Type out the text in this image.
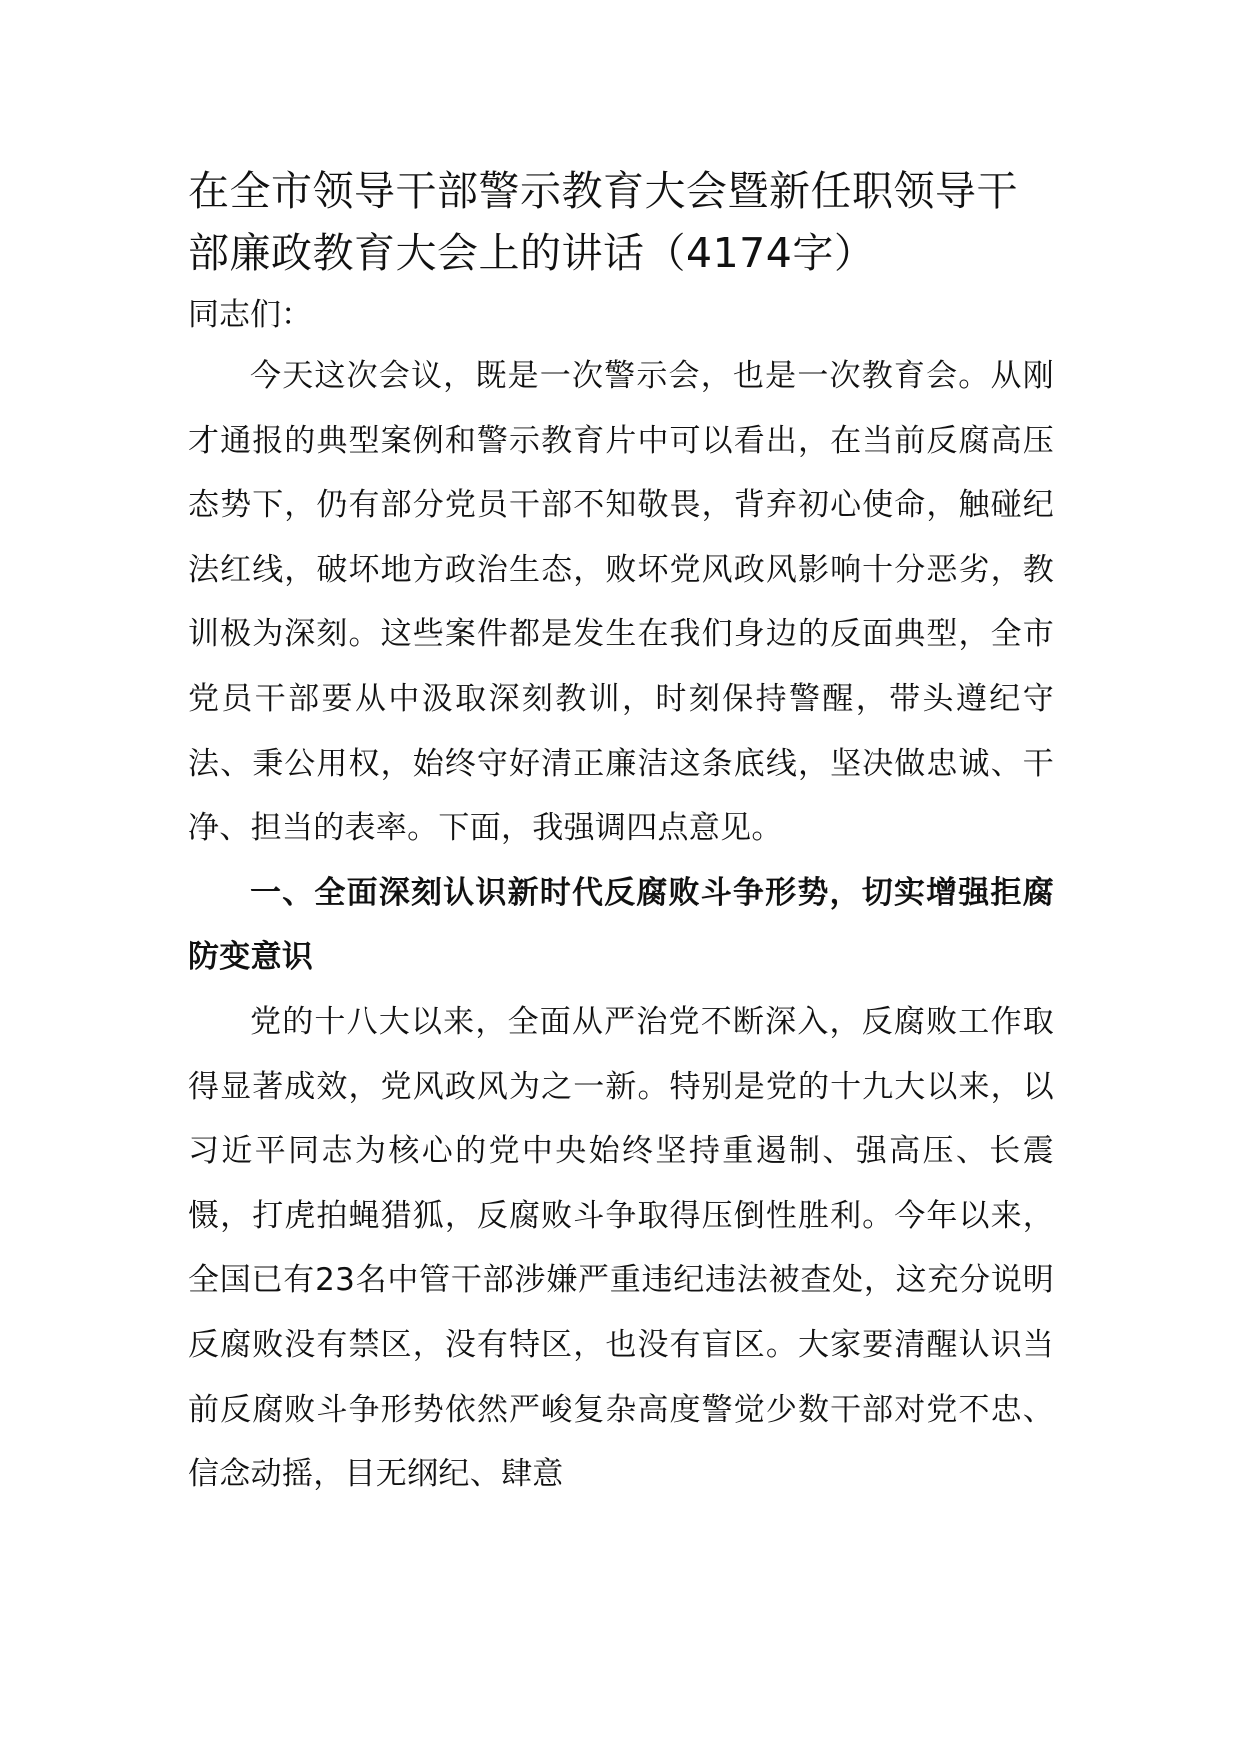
在全市领导干部警示教育大会暨新任职领导干部廉政教育大会上的讲话（4174字）

同志们：

今天这次会议，既是一次警示会，也是一次教育会。从刚才通报的典型案例和警示教育片中可以看出，在当前反腐高压态势下，仍有部分党员干部不知敬畏，背弃初心使命，触碰纪法红线，破坏地方政治生态，败坏党风政风影响十分恶劣，教训极为深刻。这些案件都是发生在我们身边的反面典型，全市党员干部要从中汲取深刻教训，时刻保持警醒，带头遵纪守法、秉公用权，始终守好清正廉洁这条底线，坚决做忠诚、干净、担当的表率。下面，我强调四点意见。

一、全面深刻认识新时代反腐败斗争形势，切实增强拒腐防变意识

党的十八大以来，全面从严治党不断深入，反腐败工作取得显著成效，党风政风为之一新。特别是党的十九大以来，以习近平同志为核心的党中央始终坚持重遏制、强高压、长震慑，打虎拍蝇猎狐，反腐败斗争取得压倒性胜利。今年以来，全国已有23名中管干部涉嫌严重违纪违法被查处，这充分说明反腐败没有禁区，没有特区，也没有盲区。大家要清醒认识当前反腐败斗争形势依然严峻复杂高度警觉少数干部对党不忠、信念动摇，目无纲纪、肆意
